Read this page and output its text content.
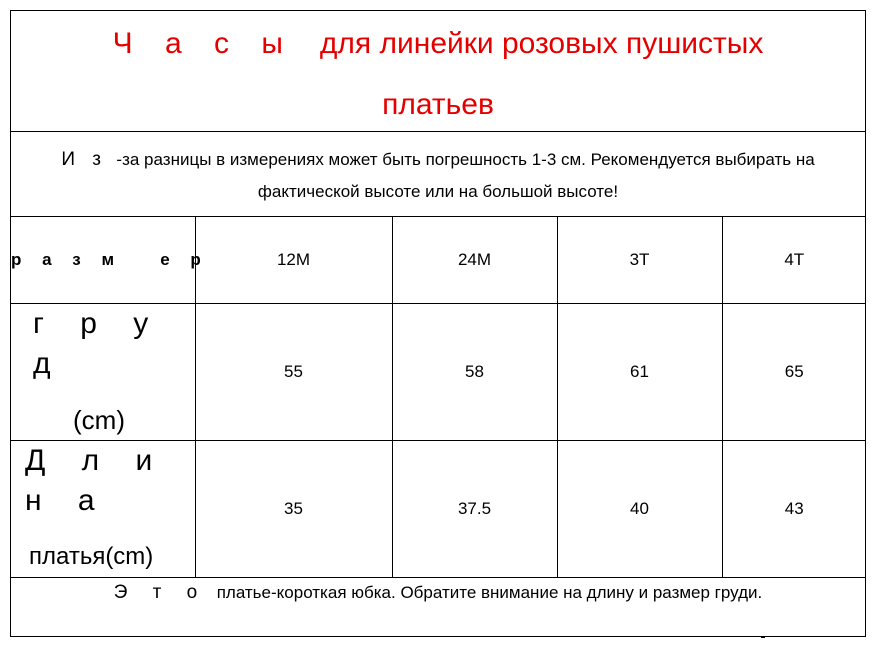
Ч а с ы для линейки розовых пушистых
платьев
И з -за разницы в измерениях может быть погрешность 1-3 см. Рекомендуется выбирать на
фактической высоте или на большой высоте!
р а з м   е р	12M	24M	3T	4T

г р у д
(cm)	55	58	61	65

Д л и н а
платья(cm)	35	37.5	40	43
Э т о платье-короткая юбка. Обратите внимание на длину и размер груди.
